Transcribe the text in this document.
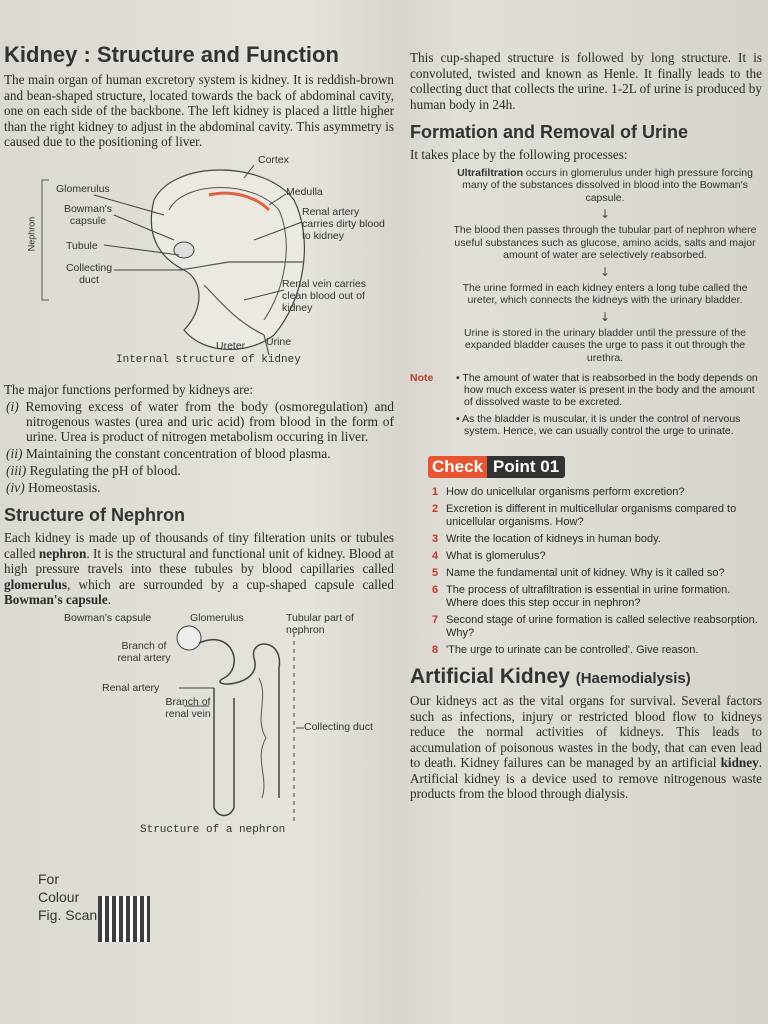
Kidney : Structure and Function

The main organ of human excretory system is kidney. It is reddish-brown and bean-shaped structure, located towards the back of abdominal cavity, one on each side of the backbone. The left kidney is placed a little higher than the right kidney to adjust in the abdominal cavity. This asymmetry is caused due to the positioning of liver.

Cortex
Medulla
Glomerulus
Bowman's capsule
Tubule
Collecting duct
Nephron
Renal artery carries dirty blood to kidney
Renal vein carries clean blood out of kidney
Ureter Urine
Internal structure of kidney

The major functions performed by kidneys are:

(i) Removing excess of water from the body (osmoregulation) and nitrogenous wastes (urea and uric acid) from blood in the form of urine. Urea is product of nitrogen metabolism occuring in liver.
(ii) Maintaining the constant concentration of blood plasma.
(iii) Regulating the pH of blood.
(iv) Homeostasis.
Structure of Nephron

Each kidney is made up of thousands of tiny filteration units or tubules called nephron. It is the structural and functional unit of kidney. Blood at high pressure travels into these tubules by blood capillaries called glomerulus, which are surrounded by a cup-shaped capsule called Bowman's capsule.

Bowman's capsule	Glomerulus	Tubular part of nephron
Branch of renal artery
Renal artery
Branch of renal vein
Collecting duct
Structure of a nephron
For Colour Fig. Scan

This cup-shaped structure is followed by long structure. It is convoluted, twisted and known as Henle. It finally leads to the collecting duct that collects the urine. 1-2L of urine is produced by human body in 24h.

Formation and Removal of Urine

It takes place by the following processes:

Ultrafiltration occurs in glomerulus under high pressure forcing many of the substances dissolved in blood into the Bowman's capsule.
↓
The blood then passes through the tubular part of nephron where useful substances such as glucose, amino acids, salts and major amount of water are selectively reabsorbed.
↓
The urine formed in each kidney enters a long tube called the ureter, which connects the kidneys with the urinary bladder.
↓
Urine is stored in the urinary bladder until the pressure of the expanded bladder causes the urge to pass it out through the urethra.
Note	• The amount of water that is reabsorbed in the body depends on how much excess water is present in the body and the amount of dissolved waste to be excreted.
• As the bladder is muscular, it is under the control of nervous system. Hence, we can usually control the urge to urinate.
Check Point 01
1 How do unicellular organisms perform excretion?
2 Excretion is different in multicellular organisms compared to unicellular organisms. How?
3 Write the location of kidneys in human body.
4 What is glomerulus?
5 Name the fundamental unit of kidney. Why is it called so?
6 The process of ultrafiltration is essential in urine formation. Where does this step occur in nephron?
7 Second stage of urine formation is called selective reabsorption. Why?
8 'The urge to urinate can be controlled'. Give reason.
Artificial Kidney (Haemodialysis)

Our kidneys act as the vital organs for survival. Several factors such as infections, injury or restricted blood flow to kidneys reduce the normal activities of kidneys. This leads to accumulation of poisonous wastes in the body, that can even lead to death. Kidney failures can be managed by an artificial kidney. Artificial kidney is a device used to remove nitrogenous waste products from the blood through dialysis.
